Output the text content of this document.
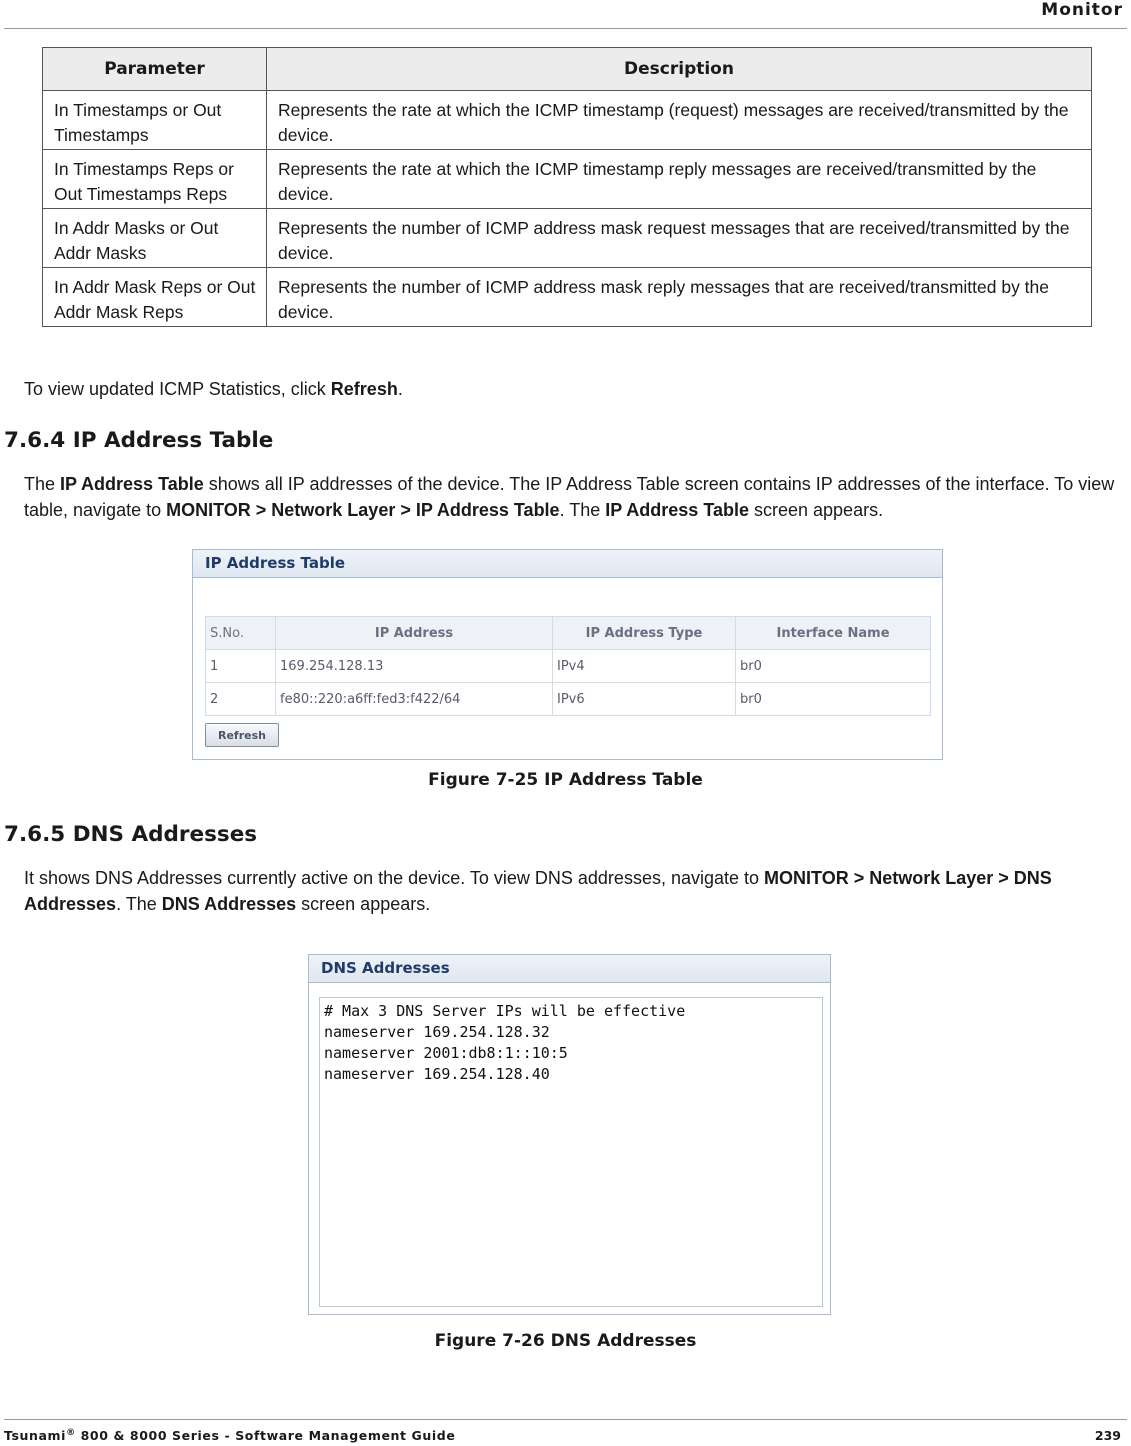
Monitor
Parameter	Description
In Timestamps or Out Timestamps	Represents the rate at which the ICMP timestamp (request) messages are received/transmitted by the device.
In Timestamps Reps or Out Timestamps Reps	Represents the rate at which the ICMP timestamp reply messages are received/transmitted by the device.
In Addr Masks or Out Addr Masks	Represents the number of ICMP address mask request messages that are received/transmitted by the device.
In Addr Mask Reps or Out Addr Mask Reps	Represents the number of ICMP address mask reply messages that are received/transmitted by the device.
To view updated ICMP Statistics, click Refresh.
7.6.4 IP Address Table
The IP Address Table shows all IP addresses of the device. The IP Address Table screen contains IP addresses of the interface. To view table, navigate to MONITOR > Network Layer > IP Address Table. The IP Address Table screen appears.
IP Address Table
S.No.	IP Address	IP Address Type	Interface Name
1	169.254.128.13	IPv4	br0
2	fe80::220:a6ff:fed3:f422/64	IPv6	br0
Refresh
Figure 7-25 IP Address Table
7.6.5 DNS Addresses
It shows DNS Addresses currently active on the device. To view DNS addresses, navigate to MONITOR > Network Layer > DNS Addresses. The DNS Addresses screen appears.
DNS Addresses
# Max 3 DNS Server IPs will be effective
nameserver 169.254.128.32
nameserver 2001:db8:1::10:5
nameserver 169.254.128.40
Figure 7-26 DNS Addresses
Tsunami® 800 & 8000 Series - Software Management Guide	239
